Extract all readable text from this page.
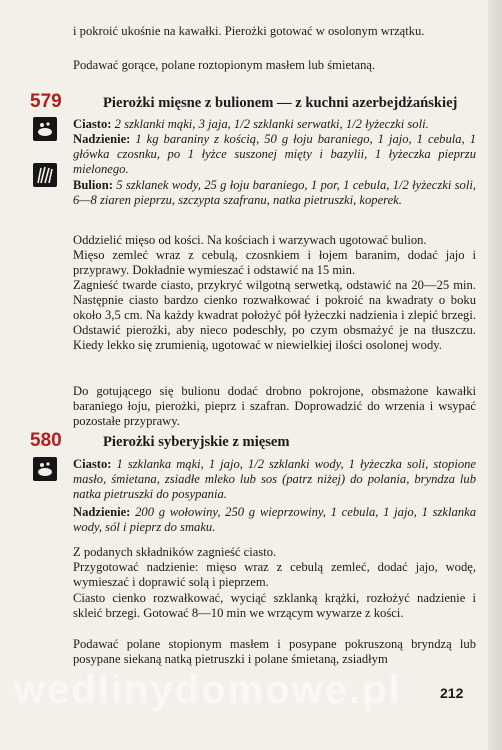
i pokroić ukośnie na kawałki. Pierożki gotować w osolonym wrzątku.

Podawać gorące, polane roztopionym masłem lub śmietaną.

579	Pierożki mięsne z bulionem — z kuchni azerbejdżańskiej

Ciasto: 2 szklanki mąki, 3 jaja, 1/2 szklanki serwatki, 1/2 łyżeczki soli.

Nadzienie: 1 kg baraniny z kością, 50 g łoju baraniego, 1 jajo, 1 cebula, 1 główka czosnku, po 1 łyżce suszonej mięty i bazylii, 1 łyżeczka pieprzu mielonego.

Bulion: 5 szklanek wody, 25 g łoju baraniego, 1 por, 1 cebula, 1/2 łyżeczki soli, 6—8 ziaren pieprzu, szczypta szafranu, natka pietruszki, koperek.

Oddzielić mięso od kości. Na kościach i warzywach ugotować bulion.

Mięso zemleć wraz z cebulą, czosnkiem i łojem baranim, dodać jajo i przyprawy. Dokładnie wymieszać i odstawić na 15 min.

Zagnieść twarde ciasto, przykryć wilgotną serwetką, odstawić na 20—25 min. Następnie ciasto bardzo cienko rozwałkować i pokroić na kwadraty o boku około 3,5 cm. Na każdy kwadrat położyć pół łyżeczki nadzienia i zlepić brzegi. Odstawić pierożki, aby nieco podeschły, po czym obsmażyć je na tłuszczu. Kiedy lekko się zrumienią, ugotować w niewielkiej ilości osolonej wody.

Do gotującego się bulionu dodać drobno pokrojone, obsmażone kawałki baraniego łoju, pierożki, pieprz i szafran. Doprowadzić do wrzenia i wsypać pozostałe przyprawy.

580	Pierożki syberyjskie z mięsem

Ciasto: 1 szklanka mąki, 1 jajo, 1/2 szklanki wody, 1 łyżeczka soli, stopione masło, śmietana, zsiadłe mleko lub sos (patrz niżej) do polania, bryndza lub natka pietruszki do posypania.

Nadzienie: 200 g wołowiny, 250 g wieprzowiny, 1 cebula, 1 jajo, 1 szklanka wody, sól i pieprz do smaku.

Z podanych składników zagnieść ciasto.

Przygotować nadzienie: mięso wraz z cebulą zemleć, dodać jajo, wodę, wymieszać i doprawić solą i pieprzem.

Ciasto cienko rozwałkować, wyciąć szklanką krążki, rozłożyć nadzienie i skleić brzegi. Gotować 8—10 min we wrzącym wywarze z kości.

Podawać polane stopionym masłem i posypane pokruszoną bryndzą lub posypane siekaną natką pietruszki i polane śmietaną, zsiadłym

wedlinydomowe.pl	212
